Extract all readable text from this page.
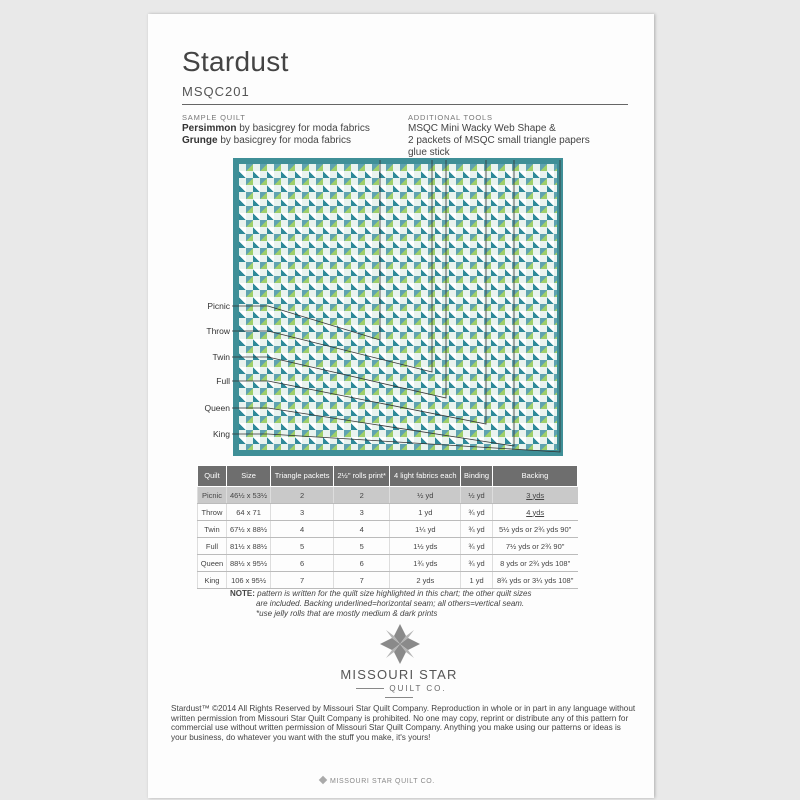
Stardust
MSQC201
SAMPLE QUILT
Persimmon by basicgrey for moda fabrics
Grunge by basicgrey for moda fabrics
ADDITIONAL TOOLS
MSQC Mini Wacky Web Shape &
2 packets of MSQC small triangle papers
glue stick
Picnic
Throw
Twin
Full
Queen
King
Quilt	Size	Triangle packets	2½" rolls print*	4 light fabrics each	Binding	Backing
Picnic	46½ x 53½	2	2	½ yd	½ yd	3 yds
Throw	64 x 71	3	3	1 yd	¾ yd	4 yds
Twin	67½ x 88½	4	4	1¼ yd	¾ yd	5½ yds or 2¾ yds 90"
Full	81½ x 88½	5	5	1½ yds	¾ yd	7½ yds or 2¾ 90"
Queen	88½ x 95½	6	6	1¾ yds	¾ yd	8 yds or 2¾ yds 108"
King	106 x 95½	7	7	2 yds	1 yd	8¾ yds or 3¼ yds 108"
NOTE: pattern is written for the quilt size highlighted in this chart; the other quilt sizes
are included. Backing underlined=horizontal seam; all others=vertical seam.
*use jelly rolls that are mostly medium & dark prints
MISSOURI STAR
QUILT CO.
Stardust™ ©2014 All Rights Reserved by Missouri Star Quilt Company. Reproduction in whole or in part in any language without written permission from Missouri Star Quilt Company is prohibited. No one may copy, reprint or distribute any of this pattern for commercial use without written permission of Missouri Star Quilt Company. Anything you make using our patterns or ideas is your business, do whatever you want with the stuff you make, it's yours!
MISSOURI STAR QUILT CO.
